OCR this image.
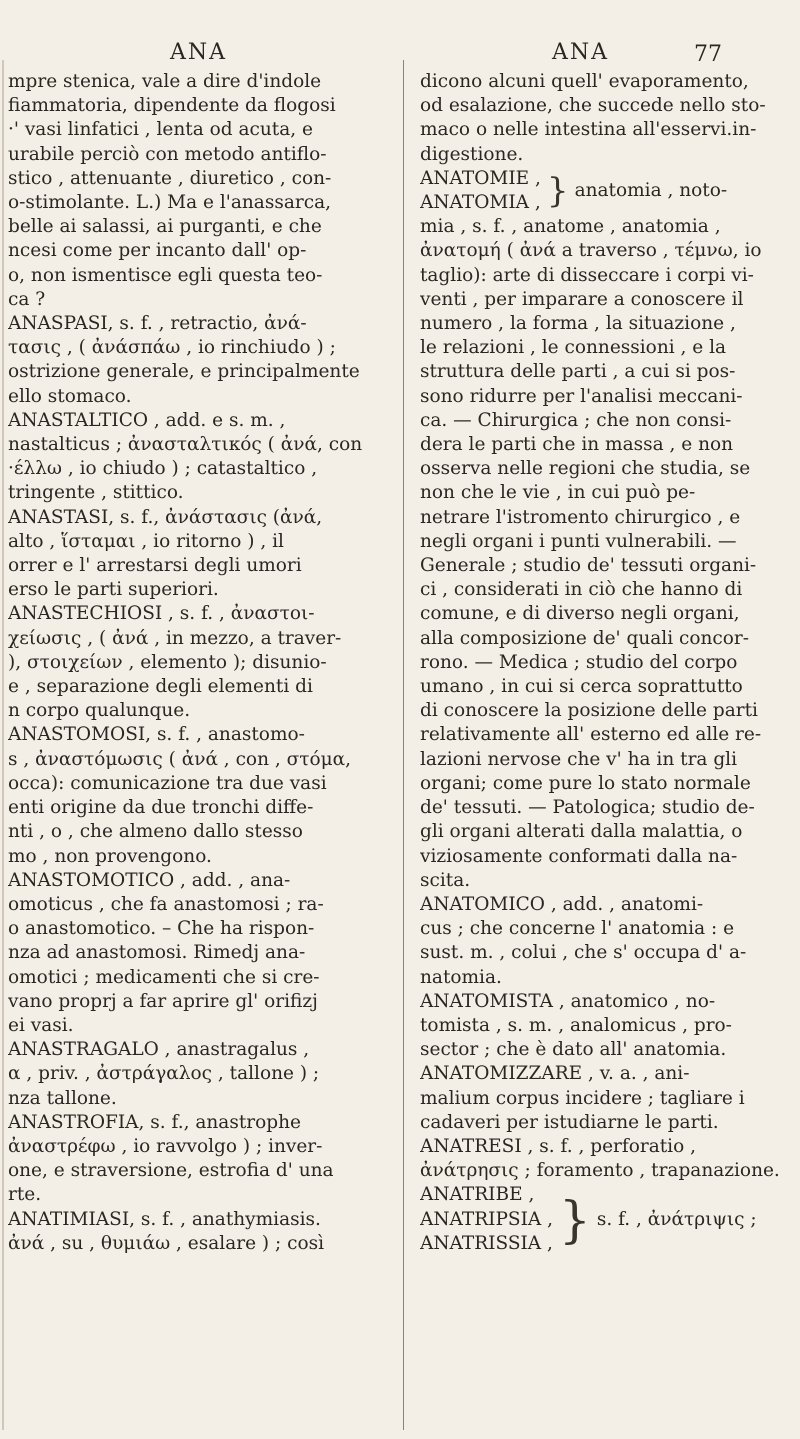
ANA	ANA	77
mpre stenica, vale a dire d'indole
fiammatoria, dipendente da flogosi
·' vasi linfatici , lenta od acuta, e
urabile perciò con metodo antiflo-
stico , attenuante , diuretico , con-
o-stimolante. L.) Ma e l'anassarca,
belle ai salassi, ai purganti, e che
ncesi come per incanto dall' op-
o, non ismentisce egli questa teo-
ca ?
ANASPASI, s. f. , retractio, ἀνά-
τασις , ( ἀνάσπάω , io rinchiudo ) ;
ostrizione generale, e principalmente
ello stomaco.
ANASTALTICO , add. e s. m. ,
nastalticus ; ἀνασταλτικός ( ἀνά, con
·έλλω , io chiudo ) ; catastaltico ,
tringente , stittico.
ANASTASI, s. f., ἀνάστασις (ἀνά,
alto , ἵσταμαι , io ritorno ) , il
orrer e l' arrestarsi degli umori
erso le parti superiori.
ANASTECHIOSI , s. f. , ἀναστοι-
χείωσις , ( ἀνά , in mezzo, a traver-
), στοιχείων , elemento ); disunio-
e , separazione degli elementi di
n corpo qualunque.
ANASTOMOSI, s. f. , anastomo-
s , ἀναστόμωσις ( ἀνά , con , στόμα,
occa): comunicazione tra due vasi
enti origine da due tronchi diffe-
nti , o , che almeno dallo stesso
mo , non provengono.
ANASTOMOTICO , add. , ana-
omoticus , che fa anastomosi ; ra-
o anastomotico. – Che ha rispon-
nza ad anastomosi. Rimedj ana-
omotici ; medicamenti che si cre-
vano proprj a far aprire gl' orifizj
ei vasi.
ANASTRAGALO , anastragalus ,
α , priv. , ἀστράγαλος , tallone ) ;
nza tallone.
ANASTROFIA, s. f., anastrophe
ἀναστρέφω , io ravvolgo ) ; inver-
one, e straversione, estrofia d' una
rte.
ANATIMIASI, s. f. , anathymiasis.
ἀνά , su , θυμιάω , esalare ) ; così
dicono alcuni quell' evaporamento,
od esalazione, che succede nello sto-
maco o nelle intestina all'esservi.in-
digestione.
ANATOMIE ,
ANATOMIA , } anatomia , noto-
mia , s. f. , anatome , anatomia ,
ἀνατομή ( ἀνά a traverso , τέμνω, io
taglio): arte di disseccare i corpi vi-
venti , per imparare a conoscere il
numero , la forma , la situazione ,
le relazioni , le connessioni , e la
struttura delle parti , a cui si pos-
sono ridurre per l'analisi meccani-
ca. — Chirurgica ; che non consi-
dera le parti che in massa , e non
osserva nelle regioni che studia, se
non che le vie , in cui può pe-
netrare l'istromento chirurgico , e
negli organi i punti vulnerabili. —
Generale ; studio de' tessuti organi-
ci , considerati in ciò che hanno di
comune, e di diverso negli organi,
alla composizione de' quali concor-
rono. — Medica ; studio del corpo
umano , in cui si cerca soprattutto
di conoscere la posizione delle parti
relativamente all' esterno ed alle re-
lazioni nervose che v' ha in tra gli
organi; come pure lo stato normale
de' tessuti. — Patologica; studio de-
gli organi alterati dalla malattia, o
viziosamente conformati dalla na-
scita.
ANATOMICO , add. , anatomi-
cus ; che concerne l' anatomia : e
sust. m. , colui , che s' occupa d' a-
natomia.
ANATOMISTA , anatomico , no-
tomista , s. m. , analomicus , pro-
sector ; che è dato all' anatomia.
ANATOMIZZARE , v. a. , ani-
malium corpus incidere ; tagliare i
cadaveri per istudiarne le parti.
ANATRESI , s. f. , perforatio ,
ἀνάτρησις ; foramento , trapanazione.
ANATRIBE ,
ANATRIPSIA ,
ANATRISSIA , } s. f. , ἀνάτριψις ;
